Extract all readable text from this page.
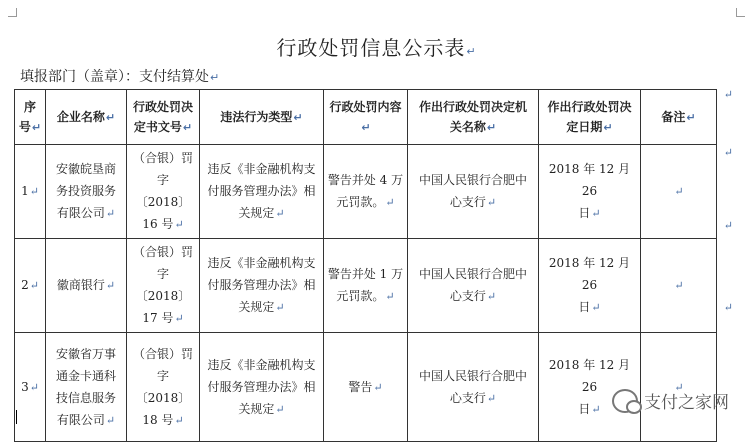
行政处罚信息公示表 ↵
填报部门（盖章）：支付结算处 ↵
序
号 ↵	企业名称 ↵	行政处罚决
定书文号 ↵	违法行为类型 ↵	行政处罚内容 ↵	作出行政处罚决定机
关名称 ↵	作出行政处罚决
定日期 ↵	备注 ↵
1 ↵	安徽皖垦商
务投资服务
有限公司 ↵	（合银）罚
字〔2018〕
16 号 ↵	违反《非金融机构支
付服务管理办法》相
关规定 ↵	警告并处 4 万
元罚款。 ↵	中国人民银行合肥中
心支行 ↵	2018 年 12 月 26
日 ↵	↵
2 ↵	徽商银行 ↵	（合银）罚
字〔2018〕
17 号 ↵	违反《非金融机构支
付服务管理办法》相
关规定 ↵	警告并处 1 万
元罚款。 ↵	中国人民银行合肥中
心支行 ↵	2018 年 12 月 26
日 ↵	↵
3 ↵	安徽省万事
通金卡通科
技信息服务
有限公司 ↵	（合银）罚
字〔2018〕
18 号 ↵	违反《非金融机构支
付服务管理办法》相
关规定 ↵	警告 ↵	中国人民银行合肥中
心支行 ↵	2018 年 12 月 26
日 ↵	↵
↵
↵
↵
↵
支付之家网
